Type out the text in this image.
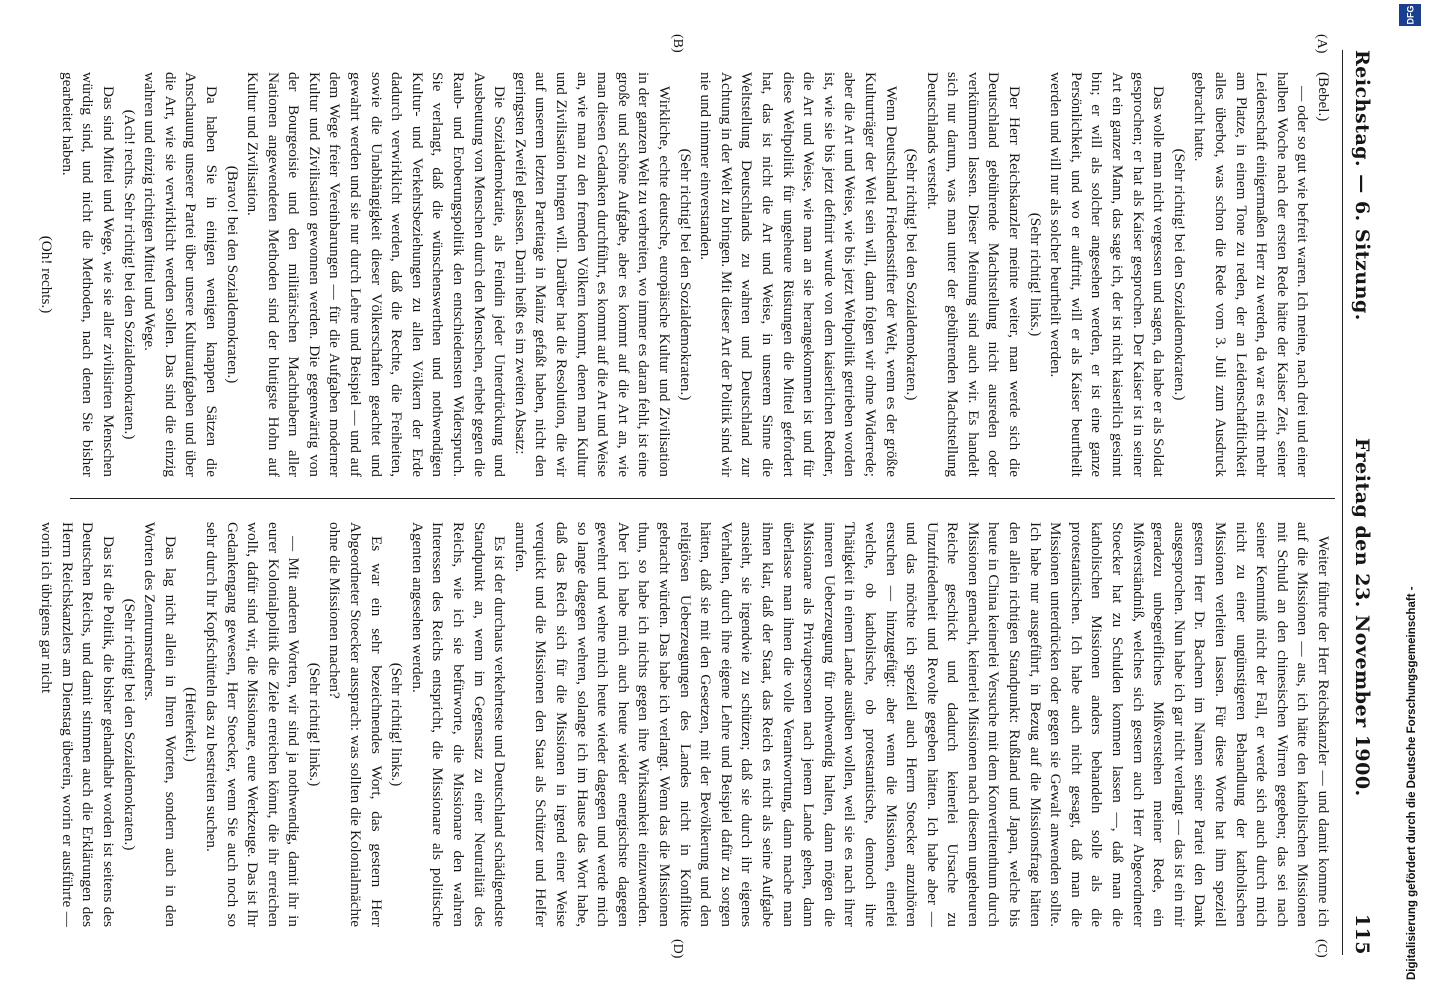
Reichstag. — 6. Sitzung.
Freitag den 23. November 1900.
115
(A)
(B)
(C)
(D)

(Bebel.)

— oder so gut wie befreit waren. Ich meine, nach drei und einer halben Woche nach der ersten Rede hätte der Kaiser Zeit, seiner Leidenschaft einigermaßen Herr zu werden, da war es nicht mehr am Platze, in einem Tone zu reden, der an Leidenschaftlichkeit alles überbot, was schon die Rede vom 3. Juli zum Ausdruck gebracht hatte.

(Sehr richtig! bei den Sozialdemokraten.)

Das wolle man nicht vergessen und sagen, da habe er als Soldat gesprochen; er hat als Kaiser gesprochen. Der Kaiser ist in seiner Art ein ganzer Mann, das sage ich, der ist nicht kaiserlich gesinnt bin; er will als solcher angesehen werden, er ist eine ganze Persönlichkeit, und wo er auftritt, will er als Kaiser beurtheilt werden und will nur als solcher beurtheilt werden.

(Sehr richtig! links.)

Der Herr Reichskanzler meinte weiter, man werde sich die Deutschland gebührende Machtstellung nicht ausreden oder verkümmern lassen. Dieser Meinung sind auch wir. Es handelt sich nur darum, was man unter der gebührenden Machtstellung Deutschlands versteht.

(Sehr richtig! bei den Sozialdemokraten.)

Wenn Deutschland Friedensstifter der Welt, wenn es der größte Kulturträger der Welt sein will, dann folgen wir ohne Widerrede; aber die Art und Weise, wie bis jetzt Weltpolitik getrieben worden ist, wie sie bis jetzt definirt wurde von dem kaiserlichen Redner, die Art und Weise, wie man an sie herangekommen ist und für diese Weltpolitik für ungeheure Rüstungen die Mittel gefordert hat, das ist nicht die Art und Weise, in unserem Sinne die Weltstellung Deutschlands zu wahren und Deutschland zur Achtung in der Welt zu bringen. Mit dieser Art der Politik sind wir nie und nimmer einverstanden.

(Sehr richtig! bei den Sozialdemokraten.)

Wirkliche, echte deutsche, europäische Kultur und Zivilisation in der ganzen Welt zu verbreiten, wo immer es daran fehlt, ist eine große und schöne Aufgabe, aber es kommt auf die Art an, wie man diesen Gedanken durchführt, es kommt auf die Art und Weise an, wie man zu den fremden Völkern kommt, denen man Kultur und Zivilisation bringen will. Darüber hat die Resolution, die wir auf unserem letzten Parteitage in Mainz gefaßt haben, nicht den geringsten Zweifel gelassen. Darin heißt es im zweiten Absatz:

Die Sozialdemokratie, als Feindin jeder Unterdrückung und Ausbeutung von Menschen durch den Menschen, erhebt gegen die Raub- und Eroberungspolitik den entschiedensten Widerspruch. Sie verlangt, daß die wünschenswerthen und nothwendigen Kultur- und Verkehrsbeziehungen zu allen Völkern der Erde dadurch verwirklicht werden, daß die Rechte, die Freiheiten, sowie die Unabhängigkeit dieser Völkerschaften geachtet und gewahrt werden und sie nur durch Lehre und Beispiel — und auf dem Wege freier Vereinbarungen — für die Aufgaben moderner Kultur und Zivilisation gewonnen werden. Die gegenwärtig von der Bourgeoisie und den militärischen Machthabern aller Nationen angewendeten Methoden sind der blutigste Hohn auf Kultur und Zivilisation.

(Bravo! bei den Sozialdemokraten.)

Da haben Sie in einigen wenigen knappen Sätzen die Anschauung unserer Partei über unsere Kulturaufgaben und über die Art, wie sie verwirklicht werden sollen. Das sind die einzig wahren und einzig richtigen Mittel und Wege.

(Ach! rechts. Sehr richtig! bei den Sozialdemokraten.)

Das sind Mittel und Wege, wie sie aller zivilisirten Menschen würdig sind, und nicht die Methoden, nach denen Sie bisher gearbeitet haben.

(Oh! rechts.)

Weiter führte der Herr Reichskanzler — und damit komme ich auf die Missionen — aus, ich hätte den katholischen Missionen mit Schuld an den chinesischen Wirren gegeben; das sei nach seiner Kenntniß nicht der Fall, er werde sich auch durch mich nicht zu einer ungünstigeren Behandlung der katholischen Missionen verleiten lassen. Für diese Worte hat ihm speziell gestern Herr Dr. Bachem im Namen seiner Partei den Dank ausgesprochen. Nun habe ich gar nicht verlangt — das ist ein mir geradezu unbegreifliches Mißverstehen meiner Rede, ein Mißverständniß, welches sich gestern auch Herr Abgeordneter Stoecker hat zu Schulden kommen lassen —, daß man die katholischen Missionen anders behandeln solle als die protestantischen. Ich habe auch nicht gesagt, daß man die Missionen unterdrücken oder gegen sie Gewalt anwenden sollte. Ich habe nur ausgeführt, in Bezug auf die Missionsfrage hätten den allein richtigen Standpunkt: Rußland und Japan, welche bis heute in China keinerlei Versuche mit dem Konvertitenthum durch Missionen gemacht, keinerlei Missionen nach diesem ungeheuren Reiche geschickt und dadurch keinerlei Ursache zu Unzufriedenheit und Revolte gegeben hätten. Ich habe aber — und das möchte ich speziell auch Herrn Stoecker anzuhören ersuchen — hinzugefügt: aber wenn die Missionen, einerlei welche, ob katholische, ob protestantische, dennoch ihre Thätigkeit in einem Lande ausüben wollen, weil sie es nach ihrer inneren Ueberzeugung für nothwendig halten, dann mögen die Missionare als Privatpersonen nach jenem Lande gehen, dann überlasse man ihnen die volle Verantwortung, dann mache man ihnen klar, daß der Staat, das Reich es nicht als seine Aufgabe ansieht, sie irgendwie zu schützen; daß sie durch ihr eigenes Verhalten, durch ihre eigene Lehre und Beispiel dafür zu sorgen hätten, daß sie mit den Gesetzen, mit der Bevölkerung und den religiösen Ueberzeugungen des Landes nicht in Konflikte gebracht würden. Das habe ich verlangt. Wenn das die Missionen thun, so habe ich nichts gegen ihre Wirksamkeit einzuwenden. Aber ich habe mich auch heute wieder energischste dagegen gewehrt und wehre mich heute wieder dagegen und werde mich so lange dagegen wehren, solange ich im Hause das Wort habe, daß das Reich sich für die Missionen in irgend einer Weise verquickt und die Missionen den Staat als Schützer und Helfer anrufen.

Es ist der durchaus verkehrteste und Deutschland schädigendste Standpunkt an, wenn im Gegensatz zu einer Neutralität des Reichs, wie ich sie befürworte, die Missionare den wahren Interessen des Reichs entspricht, die Missionare als politische Agenten angesehen werden.

(Sehr richtig! links.)

Es war ein sehr bezeichnendes Wort, das gestern Herr Abgeordneter Stoecker aussprach: was sollten die Kolonialmächte ohne die Missionen machen?

(Sehr richtig! links.)

— Mit anderen Worten, wir sind ja nothwendig, damit ihr in eurer Kolonialpolitik die Ziele erreichen könnt, die ihr erreichen wollt, dafür sind wir, die Missionare, eure Werkzeuge. Das ist Ihr Gedankengang gewesen, Herr Stoecker, wenn Sie auch noch so sehr durch Ihr Kopfschütteln das zu bestreiten suchen.

(Heiterkeit.)

Das lag nicht allein in Ihren Worten, sondern auch in den Worten des Zentrumsredners.

(Sehr richtig! bei den Sozialdemokraten.)

Das ist die Politik, die bisher gehandhabt worden ist seitens des Deutschen Reichs, und damit stimmen auch die Erklärungen des Herrn Reichskanzlers am Dienstag überein, worin er ausführte — worin ich übrigens gar nicht

DFG
Digitalisierung gefördert durch die Deutsche Forschungsgemeinschaft -
